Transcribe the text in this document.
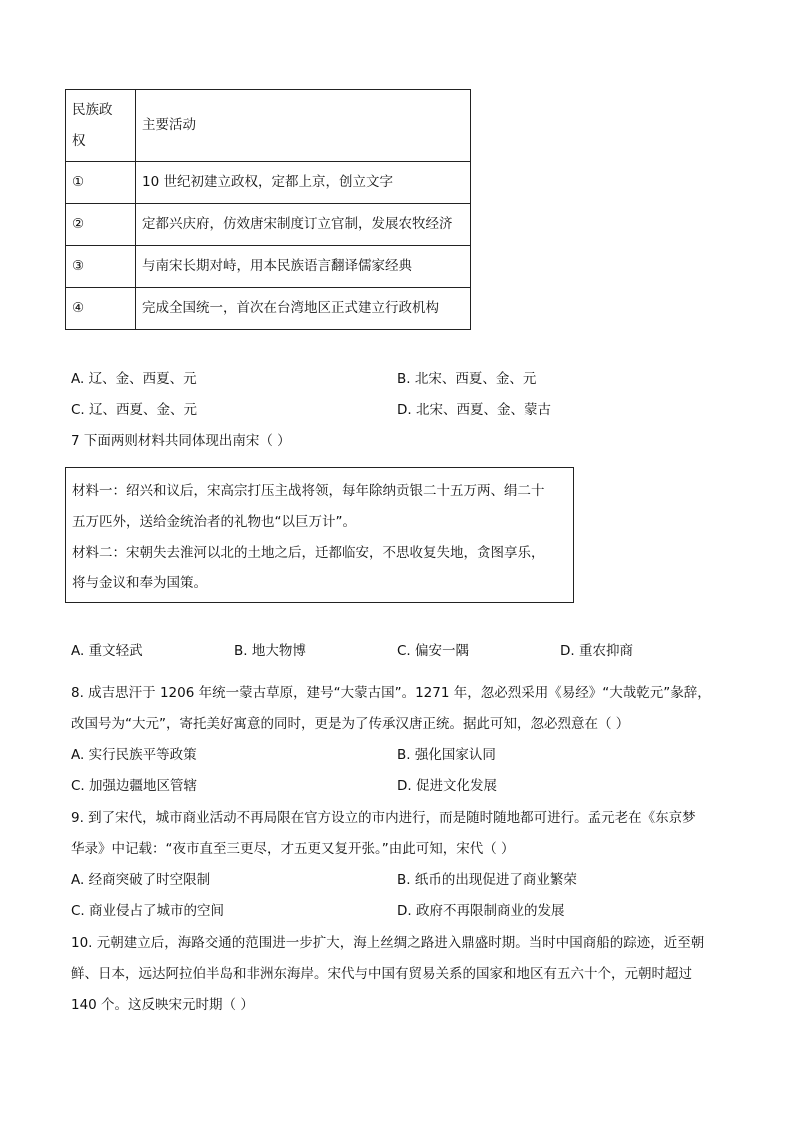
民族政
权	主要活动
①	10 世纪初建立政权，定都上京，创立文字
②	定都兴庆府，仿效唐宋制度订立官制，发展农牧经济
③	与南宋长期对峙，用本民族语言翻译儒家经典
④	完成全国统一，首次在台湾地区正式建立行政机构
A. 辽、金、西夏、元	B. 北宋、西夏、金、元
C. 辽、西夏、金、元	D. 北宋、西夏、金、蒙古
7 下面两则材料共同体现出南宋（ ）
材料一：绍兴和议后，宋高宗打压主战将领，每年除纳贡银二十五万两、绢二十
五万匹外，送给金统治者的礼物也“以巨万计”。
材料二：宋朝失去淮河以北的土地之后，迁都临安，不思收复失地，贪图享乐，
将与金议和奉为国策。
A. 重文轻武	B. 地大物博	C. 偏安一隅	D. 重农抑商
8. 成吉思汗于 1206 年统一蒙古草原，建号“大蒙古国”。1271 年，忽必烈采用《易经》“大哉乾元”彖辞，
改国号为“大元”，寄托美好寓意的同时，更是为了传承汉唐正统。据此可知，忽必烈意在（ ）
A. 实行民族平等政策	B. 强化国家认同
C. 加强边疆地区管辖	D. 促进文化发展
9. 到了宋代，城市商业活动不再局限在官方设立的市内进行，而是随时随地都可进行。孟元老在《东京梦
华录》中记载：“夜市直至三更尽，才五更又复开张。”由此可知，宋代（ ）
A. 经商突破了时空限制	B. 纸币的出现促进了商业繁荣
C. 商业侵占了城市的空间	D. 政府不再限制商业的发展
10. 元朝建立后，海路交通的范围进一步扩大，海上丝绸之路进入鼎盛时期。当时中国商船的踪迹，近至朝
鲜、日本，远达阿拉伯半岛和非洲东海岸。宋代与中国有贸易关系的国家和地区有五六十个，元朝时超过
140 个。这反映宋元时期（ ）
